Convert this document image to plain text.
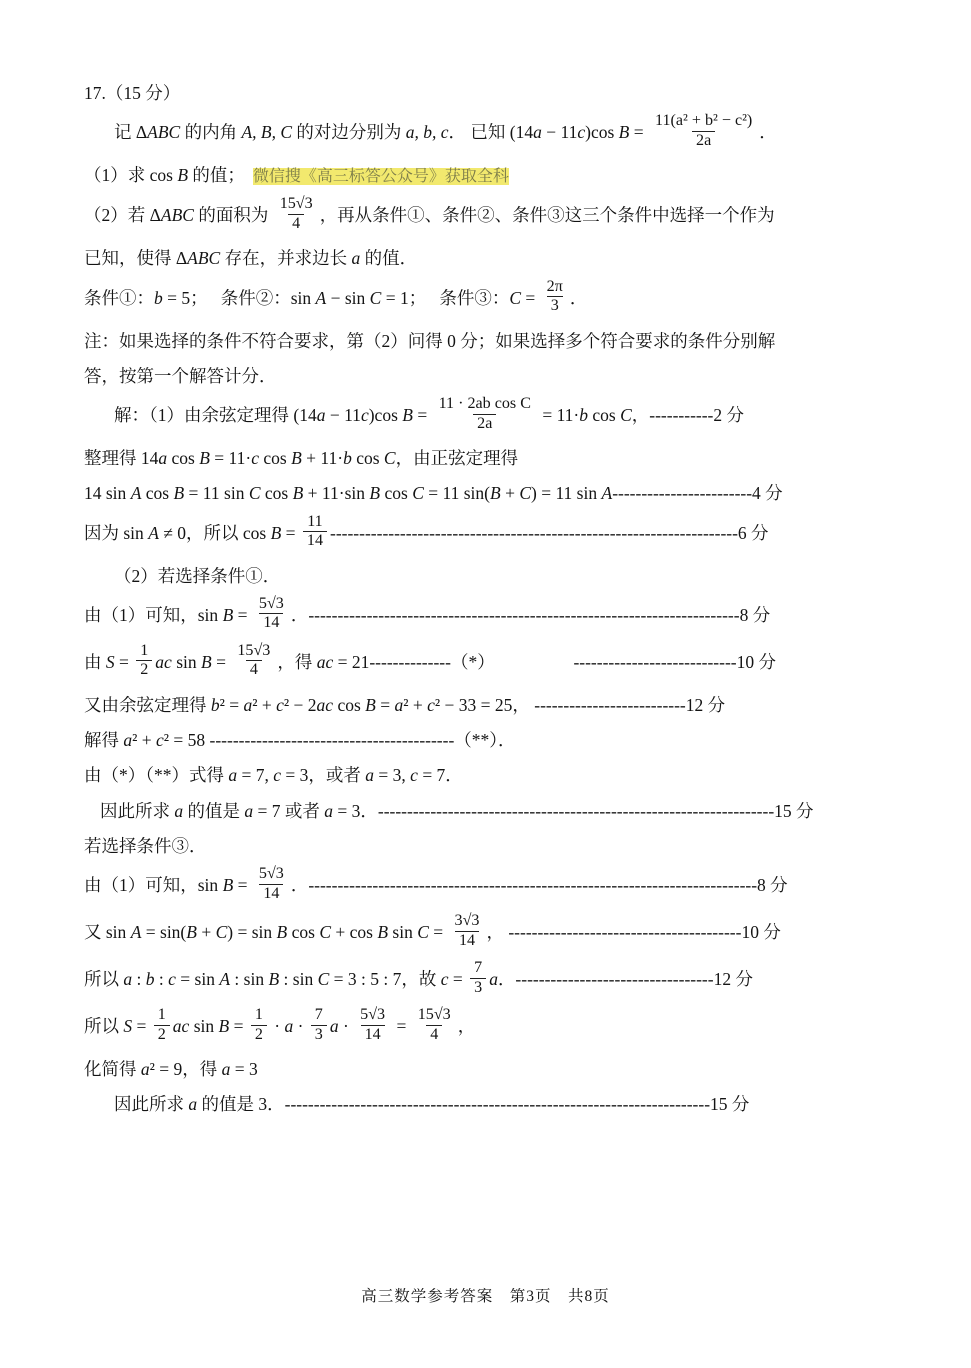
17.（15 分）
记 ΔABC 的内角 A, B, C 的对边分别为 a, b, c． 已知 (14a − 11c)cos $B = \frac{\text{11(a² + b² − c²)}}{2a}$ ．
（1）求 cos B 的值； 微信搜《高三标答公众号》获取全科
（2）若 ΔABC 的面积为 $\frac{15√3}{4}$ ，再从条件①、条件②、条件③这三个条件中选择一个作为
已知，使得 ΔABC 存在，并求边长 a 的值．
条件①：b = 5；　 条件②：sin A − sin C = 1；　 条件③：$C = \frac{2\pi}{3}$ ．
注：如果选择的条件不符合要求，第（2）问得 0 分；如果选择多个符合要求的条件分别解
答，按第一个解答计分．
解：（1）由余弦定理得 (14a − 11c)cos $B = \frac{\text{11 · 2ab cos C}}{2a} = 11\cdot b$ cos C，-----------2 分
整理得 14a cos B = 11·c cos B + 11·b cos C，由正弦定理得
14 sin A cos B = 11 sin C cos B + 11·sin B cos C = 11 sin(B + C) = 11 sin A------------------------4 分
因为 sin A ≠ 0，所以 $\cos B = \frac{11}{14} ----------------------------------------------------------------------6$ 分
（2）若选择条件①．
由（1）可知，$\sin B = \frac{5√3}{14}$ ．--------------------------------------------------------------------------8 分
由 $S = \frac{1}{2}$ ac $\sin B = \frac{15√3}{4}$ ，得 ac = 21--------------（*）　　　　　----------------------------10 分
又由余弦定理得 b² = a² + c² − 2ac cos B = a² + c² − 33 = 25， --------------------------12 分
解得 a² + c² = 58 ------------------------------------------（**）．
由（*）（**）式得 a = 7, c = 3，或者 a = 3, c = 7．
因此所求 a 的值是 a = 7 或者 a = 3．--------------------------------------------------------------------15 分
若选择条件③．
由（1）可知，$\sin B = \frac{5√3}{14}$ ．-----------------------------------------------------------------------------8 分
又 sin A = sin(B + C) = sin B cos C + cos B $\sin C = \frac{3√3}{14}$ ， ----------------------------------------10 分
所以 a : b : c = sin A : sin B : sin C = 3 : 5 : 7，故 $c = \frac{7}{3}$ a．----------------------------------12 分
所以 $S = \frac{1}{2}$ ac $\sin B = \frac{1}{2} \cdot a \cdot \frac{7}{3}$ $a \cdot \frac{5√3}{14} = \frac{15√3}{4}$ ，
化简得 a² = 9，得 a = 3
因此所求 a 的值是 3．-------------------------------------------------------------------------15 分
高三数学参考答案　第3页　共8页
